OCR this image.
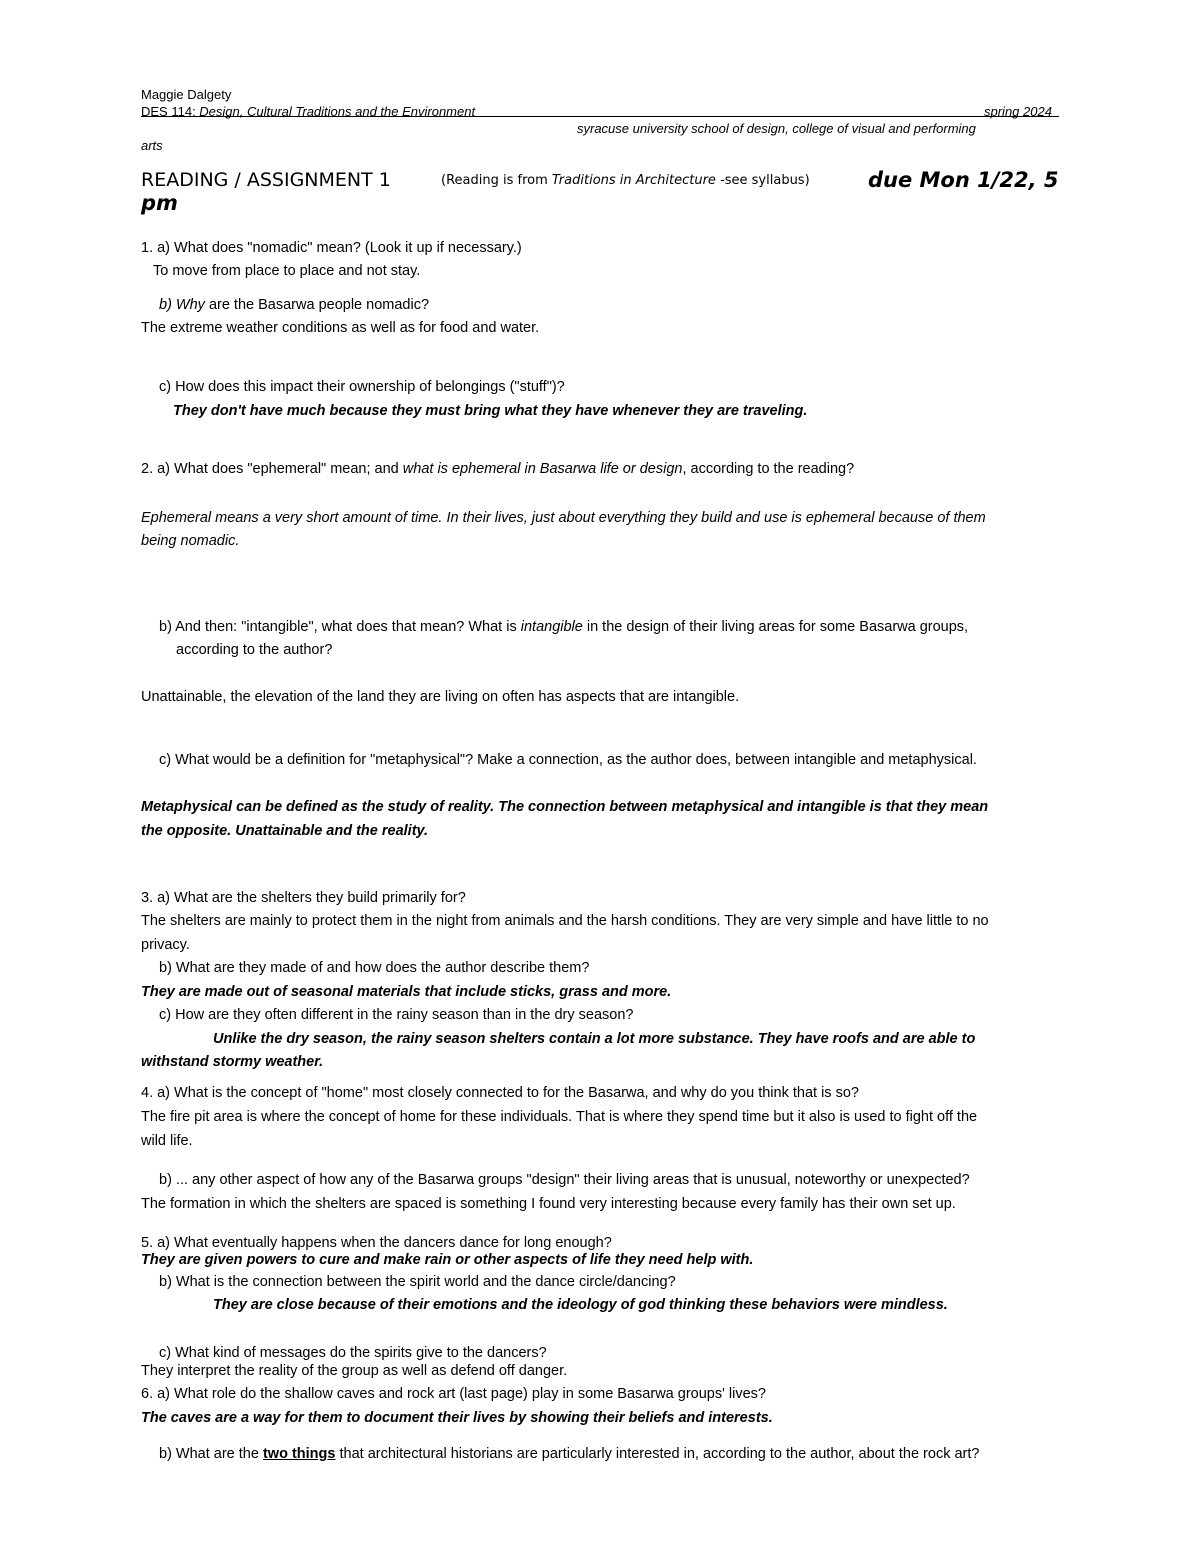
Maggie Dalgety
DES 114: Design, Cultural Traditions and the Environment	spring 2024
syracuse university school of design, college of visual and performing
arts
READING / ASSIGNMENT 1	(Reading is from Traditions in Architecture -see syllabus)	due Mon 1/22, 5
pm
1. a) What does "nomadic" mean? (Look it up if necessary.)
To move from place to place and not stay.
b) Why are the Basarwa people nomadic?
The extreme weather conditions as well as for food and water.
c) How does this impact their ownership of belongings ("stuff")?
They don't have much because they must bring what they have whenever they are traveling.
2. a) What does "ephemeral" mean; and what is ephemeral in Basarwa life or design, according to the reading?
Ephemeral means a very short amount of time. In their lives, just about everything they build and use is ephemeral because of them
being nomadic.
b) And then: "intangible", what does that mean? What is intangible in the design of their living areas for some Basarwa groups,
according to the author?
Unattainable, the elevation of the land they are living on often has aspects that are intangible.
c) What would be a definition for "metaphysical"? Make a connection, as the author does, between intangible and metaphysical.
Metaphysical can be defined as the study of reality. The connection between metaphysical and intangible is that they mean
the opposite. Unattainable and the reality.
3. a) What are the shelters they build primarily for?
The shelters are mainly to protect them in the night from animals and the harsh conditions. They are very simple and have little to no
privacy.
b) What are they made of and how does the author describe them?
They are made out of seasonal materials that include sticks, grass and more.
c) How are they often different in the rainy season than in the dry season?
Unlike the dry season, the rainy season shelters contain a lot more substance. They have roofs and are able to
withstand stormy weather.
4. a) What is the concept of "home" most closely connected to for the Basarwa, and why do you think that is so?
The fire pit area is where the concept of home for these individuals. That is where they spend time but it also is used to fight off the
wild life.
b) ... any other aspect of how any of the Basarwa groups "design" their living areas that is unusual, noteworthy or unexpected?
The formation in which the shelters are spaced is something I found very interesting because every family has their own set up.
5. a) What eventually happens when the dancers dance for long enough?
They are given powers to cure and make rain or other aspects of life they need help with.
b) What is the connection between the spirit world and the dance circle/dancing?
They are close because of their emotions and the ideology of god thinking these behaviors were mindless.
c) What kind of messages do the spirits give to the dancers?
They interpret the reality of the group as well as defend off danger.
6. a) What role do the shallow caves and rock art (last page) play in some Basarwa groups' lives?
The caves are a way for them to document their lives by showing their beliefs and interests.
b) What are the two things that architectural historians are particularly interested in, according to the author, about the rock art?
